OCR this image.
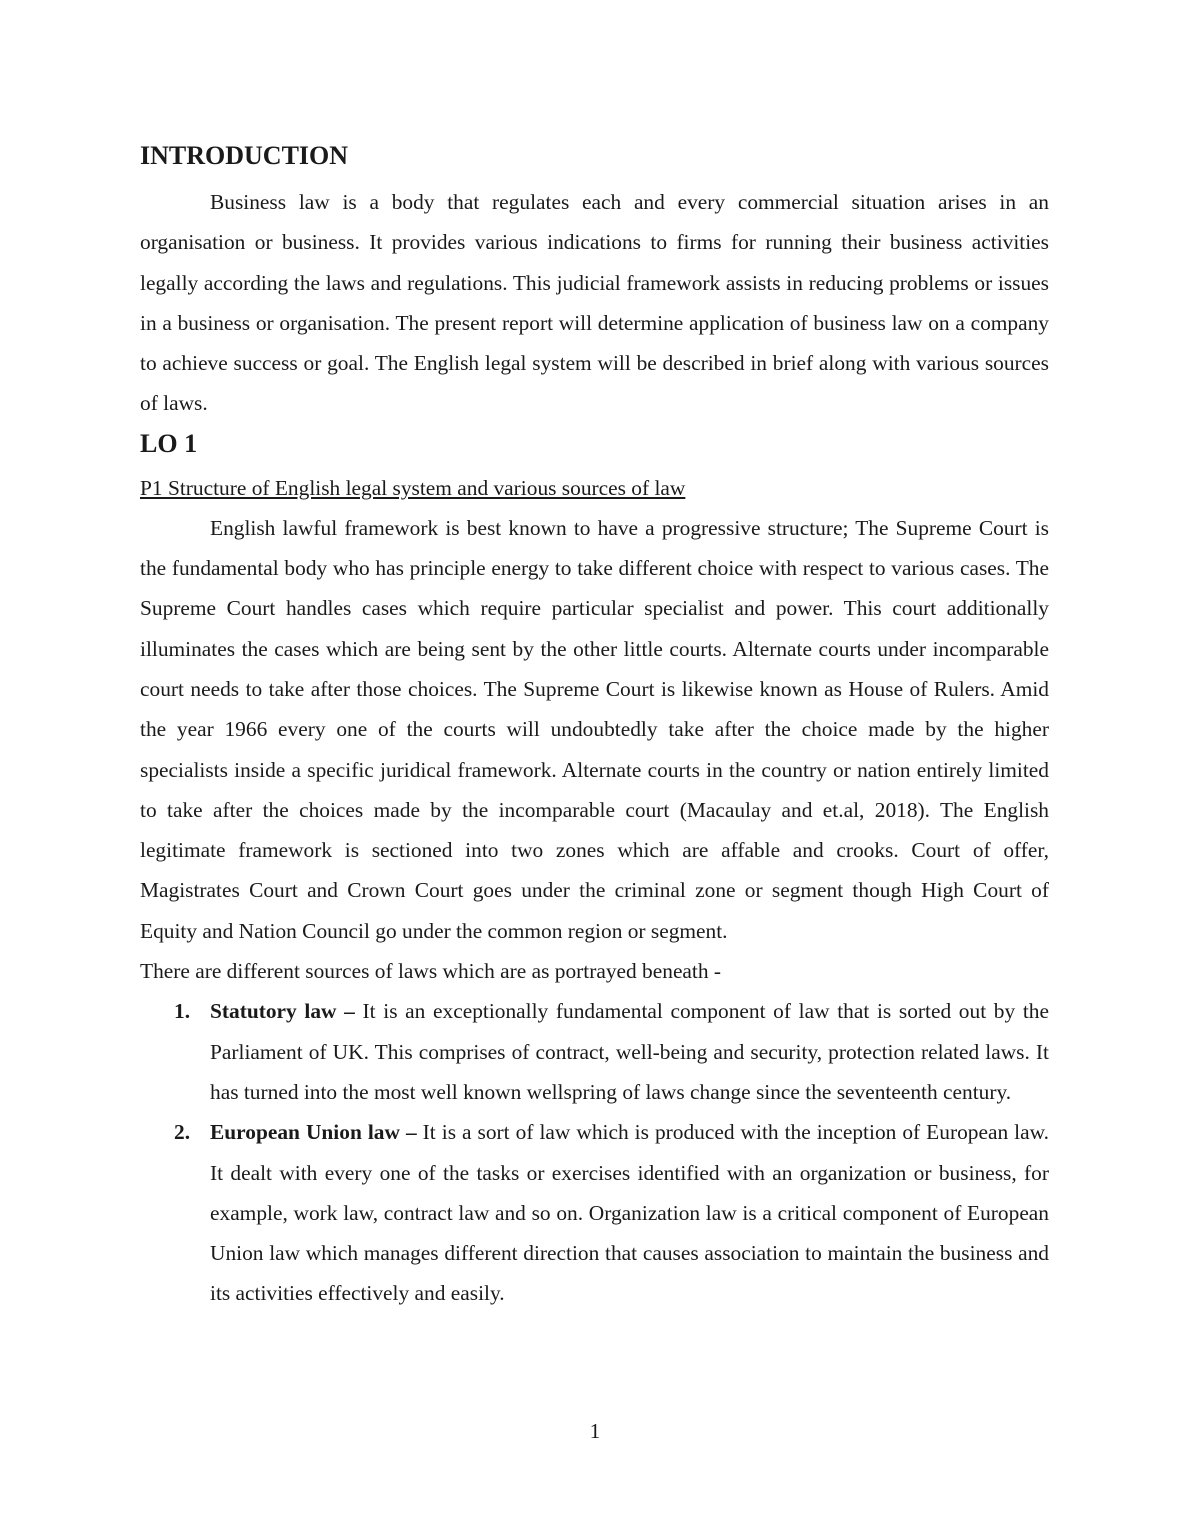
INTRODUCTION

Business law is a body that regulates each and every commercial situation arises in an organisation or business. It provides various indications to firms for running their business activities legally according the laws and regulations. This judicial framework assists in reducing problems or issues in a business or organisation. The present report will determine application of business law on a company to achieve success or goal. The English legal system will be described in brief along with various sources of laws.

LO 1

P1 Structure of English legal system and various sources of law

English lawful framework is best known to have a progressive structure; The Supreme Court is the fundamental body who has principle energy to take different choice with respect to various cases. The Supreme Court handles cases which require particular specialist and power. This court additionally illuminates the cases which are being sent by the other little courts. Alternate courts under incomparable court needs to take after those choices. The Supreme Court is likewise known as House of Rulers. Amid the year 1966 every one of the courts will undoubtedly take after the choice made by the higher specialists inside a specific juridical framework. Alternate courts in the country or nation entirely limited to take after the choices made by the incomparable court (Macaulay and et.al, 2018). The English legitimate framework is sectioned into two zones which are affable and crooks. Court of offer, Magistrates Court and Crown Court goes under the criminal zone or segment though High Court of Equity and Nation Council go under the common region or segment.

There are different sources of laws which are as portrayed beneath -

1. Statutory law – It is an exceptionally fundamental component of law that is sorted out by the Parliament of UK. This comprises of contract, well-being and security, protection related laws. It has turned into the most well known wellspring of laws change since the seventeenth century.

2. European Union law – It is a sort of law which is produced with the inception of European law. It dealt with every one of the tasks or exercises identified with an organization or business, for example, work law, contract law and so on. Organization law is a critical component of European Union law which manages different direction that causes association to maintain the business and its activities effectively and easily.

1
